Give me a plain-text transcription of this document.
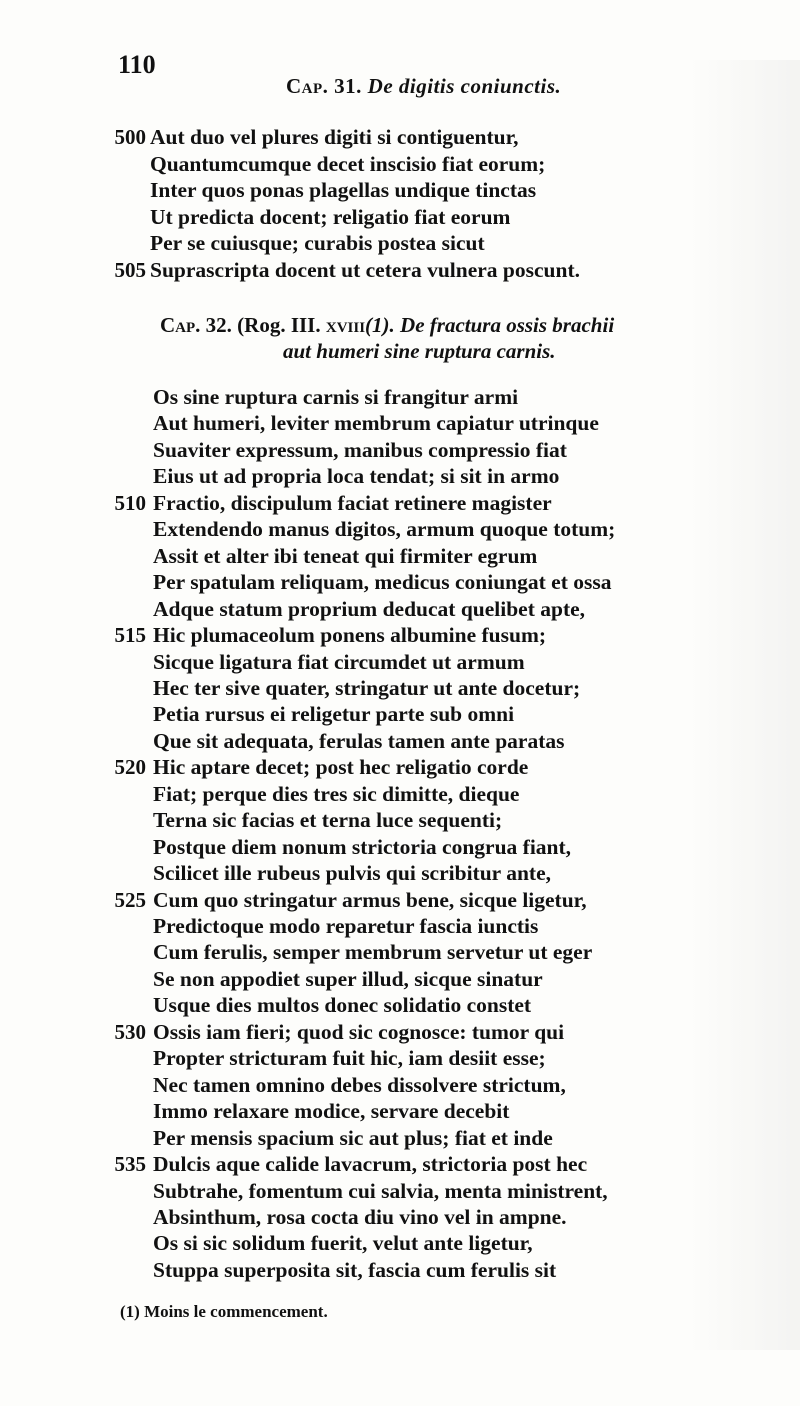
110
Cap. 31. De digitis coniunctis.
500 Aut duo vel plures digiti si contiguentur,
Quantumcumque decet inscisio fiat eorum;
Inter quos ponas plagellas undique tinctas
Ut predicta docent; religatio fiat eorum
Per se cuiusque; curabis postea sicut
505 Suprascripta docent ut cetera vulnera poscunt.
Cap. 32. (Rog. III. xviii(1). De fractura ossis brachii
aut humeri sine ruptura carnis.
Os sine ruptura carnis si frangitur armi
Aut humeri, leviter membrum capiatur utrinque
Suaviter expressum, manibus compressio fiat
Eius ut ad propria loca tendat; si sit in armo
510 Fractio, discipulum faciat retinere magister
Extendendo manus digitos, armum quoque totum;
Assit et alter ibi teneat qui firmiter egrum
Per spatulam reliquam, medicus coniungat et ossa
Adque statum proprium deducat quelibet apte,
515 Hic plumaceolum ponens albumine fusum;
Sicque ligatura fiat circumdet ut armum
Hec ter sive quater, stringatur ut ante docetur;
Petia rursus ei religetur parte sub omni
Que sit adequata, ferulas tamen ante paratas
520 Hic aptare decet; post hec religatio corde
Fiat; perque dies tres sic dimitte, dieque
Terna sic facias et terna luce sequenti;
Postque diem nonum strictoria congrua fiant,
Scilicet ille rubeus pulvis qui scribitur ante,
525 Cum quo stringatur armus bene, sicque ligetur,
Predictoque modo reparetur fascia iunctis
Cum ferulis, semper membrum servetur ut eger
Se non appodiet super illud, sicque sinatur
Usque dies multos donec solidatio constet
530 Ossis iam fieri; quod sic cognosce: tumor qui
Propter stricturam fuit hic, iam desiit esse;
Nec tamen omnino debes dissolvere strictum,
Immo relaxare modice, servare decebit
Per mensis spacium sic aut plus; fiat et inde
535 Dulcis aque calide lavacrum, strictoria post hec
Subtrahe, fomentum cui salvia, menta ministrent,
Absinthum, rosa cocta diu vino vel in ampne.
Os si sic solidum fuerit, velut ante ligetur,
Stuppa superposita sit, fascia cum ferulis sit
(1) Moins le commencement.
